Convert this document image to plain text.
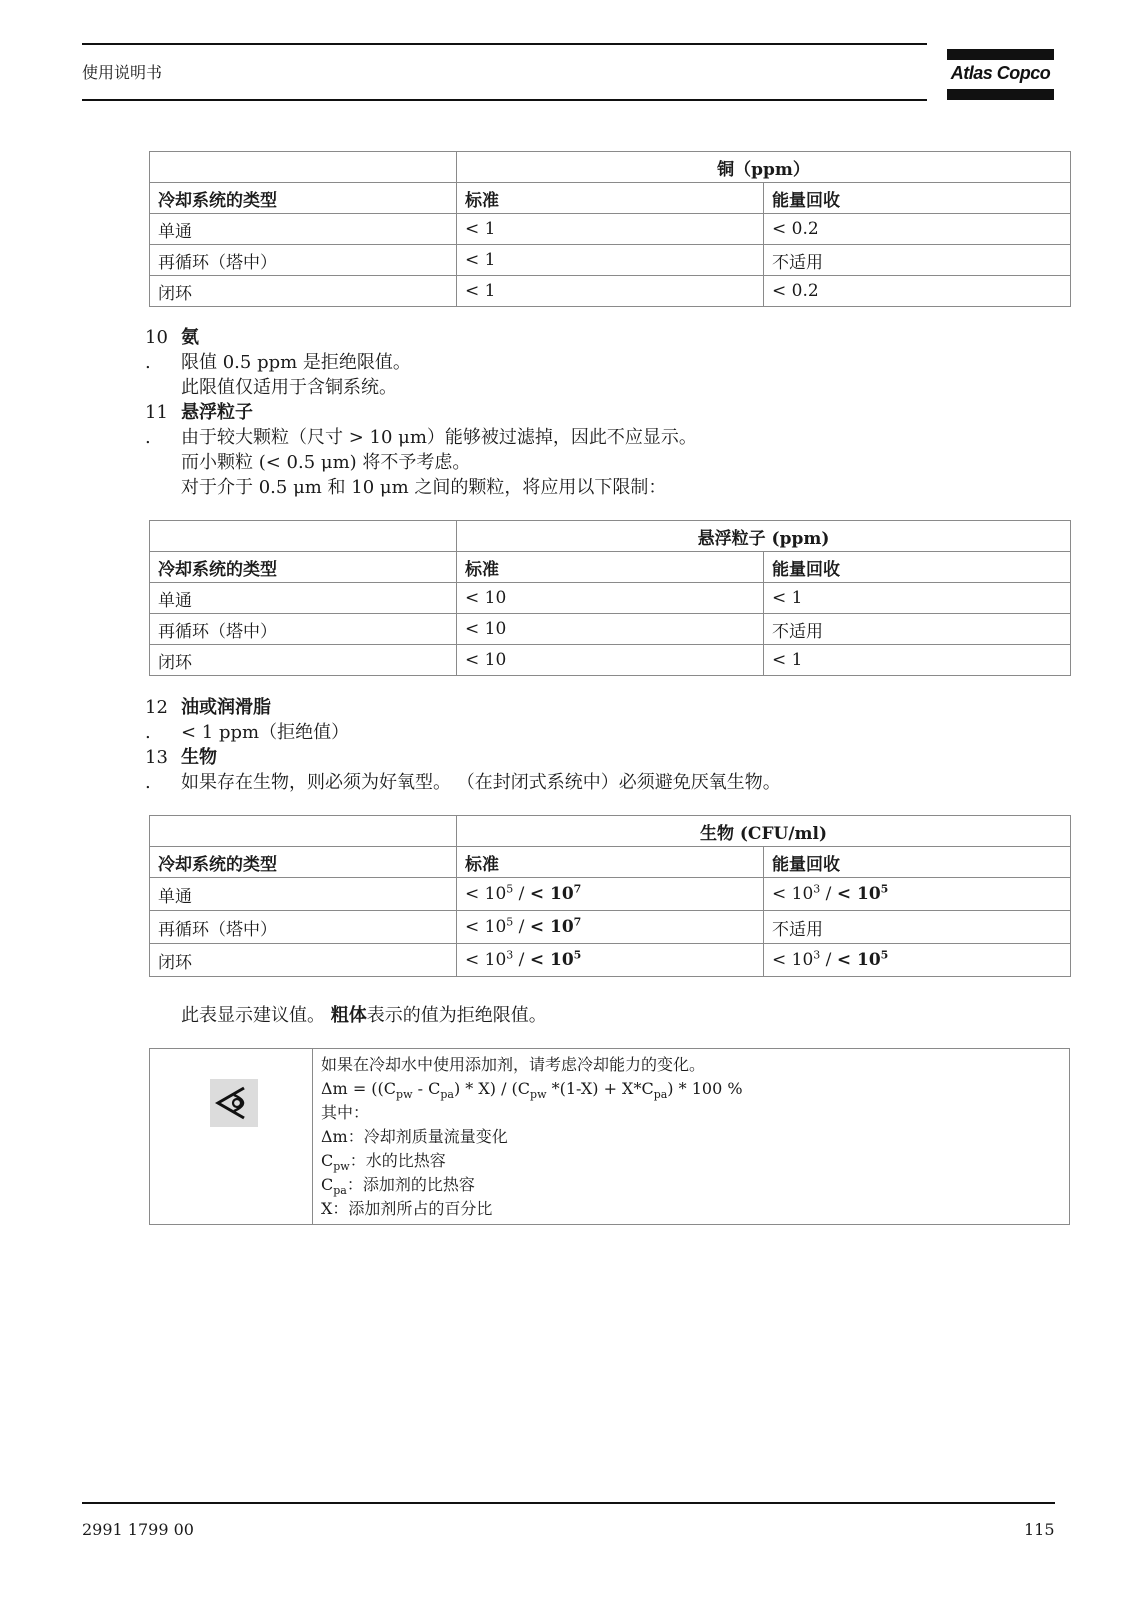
使用说明书	Atlas Copco
	铜（ppm）	
冷却系统的类型	标准	能量回收
单通	< 1	< 0.2
再循环（塔中）	< 1	不适用
闭环	< 1	< 0.2
10 氨
. 限值 0.5 ppm 是拒绝限值。
此限值仅适用于含铜系统。
11 悬浮粒子
. 由于较大颗粒（尺寸 > 10 μm）能够被过滤掉，因此不应显示。
而小颗粒 (< 0.5 μm) 将不予考虑。
对于介于 0.5 μm 和 10 μm 之间的颗粒，将应用以下限制：
	悬浮粒子 (ppm)	
冷却系统的类型	标准	能量回收
单通	< 10	< 1
再循环（塔中）	< 10	不适用
闭环	< 10	< 1
12 油或润滑脂
. < 1 ppm（拒绝值）
13 生物
. 如果存在生物，则必须为好氧型。 （在封闭式系统中）必须避免厌氧生物。
	生物 (CFU/ml)	
冷却系统的类型	标准	能量回收
单通	< $10^5$ / < $10^7$	< $10^3$ / < $10^5$
再循环（塔中）	< $10^5$ / < $10^7$	不适用
闭环	< $10^3$ / < $10^5$	< $10^3$ / < $10^5$
此表显示建议值。 粗体表示的值为拒绝限值。
如果在冷却水中使用添加剂，请考虑冷却能力的变化。
$\Delta m = ((C_{pw} - C_{pa}) * X) / (C_{pw}$ $*(1-X) + X*C_{pa}) * 100$ %
其中：
Δm：冷却剂质量流量变化
$C_{pw}$：水的比热容
$C_{pa}$：添加剂的比热容
X：添加剂所占的百分比
2991 1799 00	115
